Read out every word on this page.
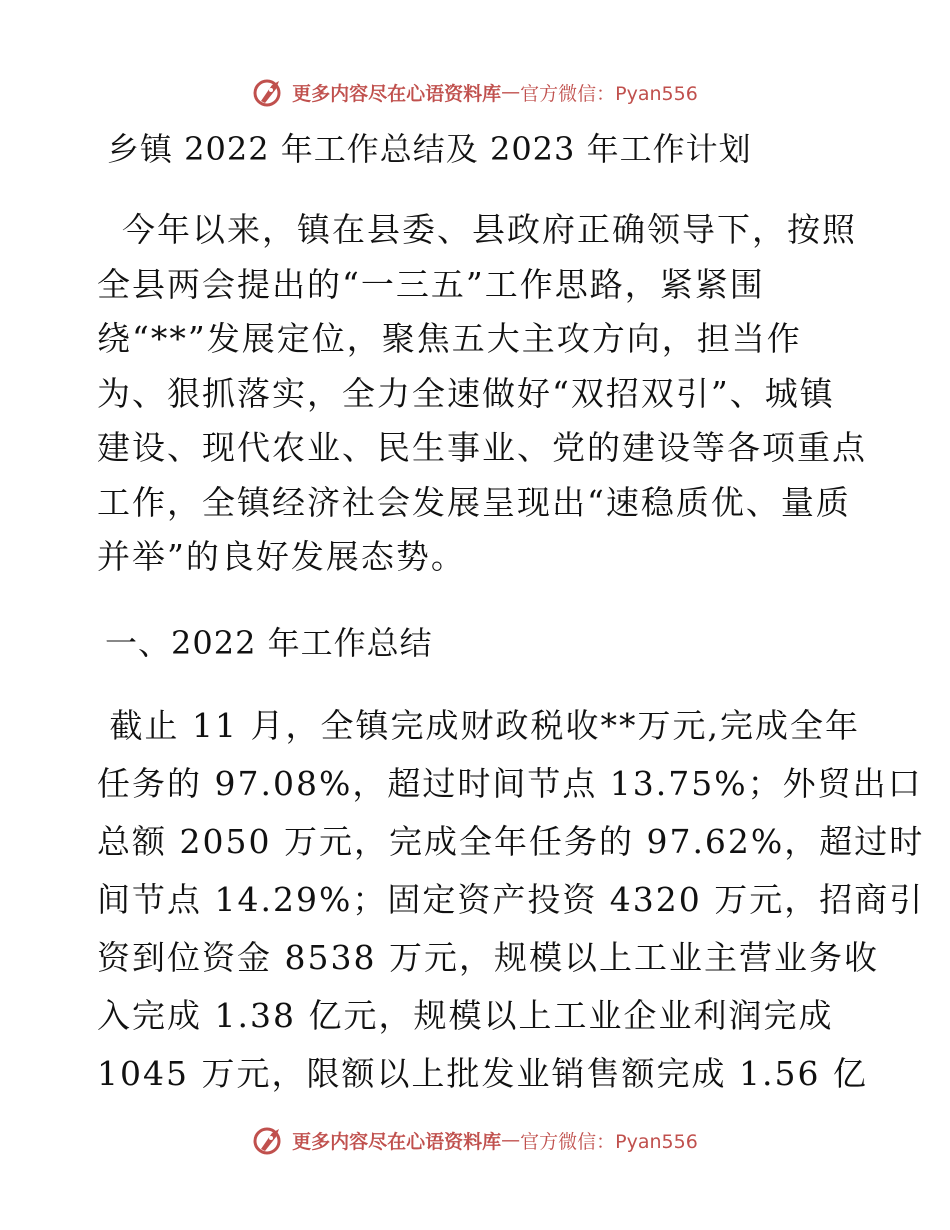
更多内容尽在心语资料库 — 官方微信：Pyan556
乡镇 2022 年工作总结及 2023 年工作计划

今年以来，镇在县委、县政府正确领导下，按照
全县两会提出的“一三五”工作思路，紧紧围
绕“**”发展定位，聚焦五大主攻方向，担当作
为、狠抓落实，全力全速做好“双招双引”、城镇
建设、现代农业、民生事业、党的建设等各项重点
工作，全镇经济社会发展呈现出“速稳质优、量质
并举”的良好发展态势。

一、2022 年工作总结

截止 11 月，全镇完成财政税收**万元,完成全年
任务的 97.08%，超过时间节点 13.75%；外贸出口
总额 2050 万元，完成全年任务的 97.62%，超过时
间节点 14.29%；固定资产投资 4320 万元，招商引
资到位资金 8538 万元，规模以上工业主营业务收
入完成 1.38 亿元，规模以上工业企业利润完成
1045 万元，限额以上批发业销售额完成 1.56 亿

更多内容尽在心语资料库 — 官方微信：Pyan556
